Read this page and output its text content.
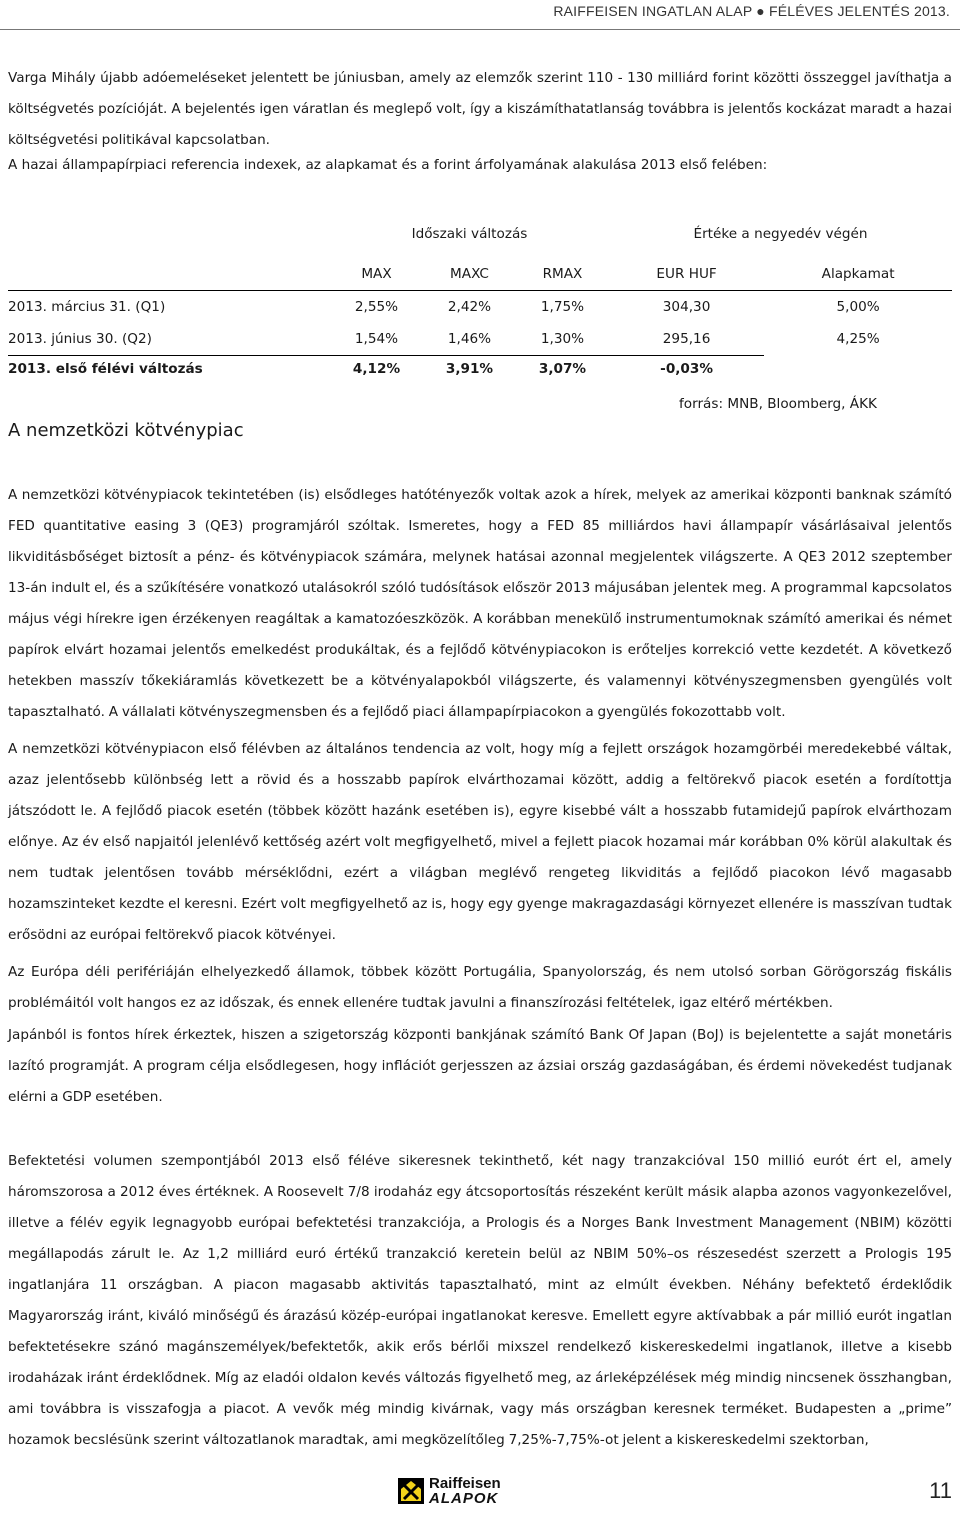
RAIFFEISEN INGATLAN ALAP ● FÉLÉVES JELENTÉS 2013.

Varga Mihály újabb adóemeléseket jelentett be júniusban, amely az elemzők szerint 110 - 130 milliárd forint közötti összeggel javíthatja a költségvetés pozícióját. A bejelentés igen váratlan és meglepő volt, így a kiszámíthatatlanság továbbra is jelentős kockázat maradt a hazai költségvetési politikával kapcsolatban.

A hazai állampapírpiaci referencia indexek, az alapkamat és a forint árfolyamának alakulása 2013 első felében:

	Időszaki változás			Értéke a negyedév végén	
	MAX	MAXC	RMAX	EUR HUF	Alapkamat
2013. március 31. (Q1)	2,55%	2,42%	1,75%	304,30	5,00%
2013. június 30. (Q2)	1,54%	1,46%	1,30%	295,16	4,25%
2013. első félévi változás	4,12%	3,91%	3,07%	-0,03%	

forrás: MNB, Bloomberg, ÁKK

A nemzetközi kötvénypiac

A nemzetközi kötvénypiacok tekintetében (is) elsődleges hatótényezők voltak azok a hírek, melyek az amerikai központi banknak számító FED quantitative easing 3 (QE3) programjáról szóltak. Ismeretes, hogy a FED 85 milliárdos havi állampapír vásárlásaival jelentős likviditásbőséget biztosít a pénz- és kötvénypiacok számára, melynek hatásai azonnal megjelentek világszerte. A QE3 2012 szeptember 13-án indult el, és a szűkítésére vonatkozó utalásokról szóló tudósítások először 2013 májusában jelentek meg. A programmal kapcsolatos május végi hírekre igen érzékenyen reagáltak a kamatozóeszközök. A korábban menekülő instrumentumoknak számító amerikai és német papírok elvárt hozamai jelentős emelkedést produkáltak, és a fejlődő kötvénypiacokon is erőteljes korrekció vette kezdetét. A következő hetekben masszív tőkekiáramlás következett be a kötvényalapokból világszerte, és valamennyi kötvényszegmensben gyengülés volt tapasztalható. A vállalati kötvényszegmensben és a fejlődő piaci állampapírpiacokon a gyengülés fokozottabb volt.

A nemzetközi kötvénypiacon első félévben az általános tendencia az volt, hogy míg a fejlett országok hozamgörbéi meredekebbé váltak, azaz jelentősebb különbség lett a rövid és a hosszabb papírok elvárthozamai között, addig a feltörekvő piacok esetén a fordítottja játszódott le. A fejlődő piacok esetén (többek között hazánk esetében is), egyre kisebbé vált a hosszabb futamidejű papírok elvárthozam előnye. Az év első napjaitól jelenlévő kettőség azért volt megfigyelhető, mivel a fejlett piacok hozamai már korábban 0% körül alakultak és nem tudtak jelentősen tovább mérséklődni, ezért a világban meglévő rengeteg likviditás a fejlődő piacokon lévő magasabb hozamszinteket kezdte el keresni. Ezért volt megfigyelhető az is, hogy egy gyenge makragazdasági környezet ellenére is masszívan tudtak erősödni az európai feltörekvő piacok kötvényei.

Az Európa déli perifériáján elhelyezkedő államok, többek között Portugália, Spanyolország, és nem utolsó sorban Görögország fiskális problémáitól volt hangos ez az időszak, és ennek ellenére tudtak javulni a finanszírozási feltételek, igaz eltérő mértékben.

Japánból is fontos hírek érkeztek, hiszen a szigetország központi bankjának számító Bank Of Japan (BoJ) is bejelentette a saját monetáris lazító programját. A program célja elsődlegesen, hogy inflációt gerjesszen az ázsiai ország gazdaságában, és érdemi növekedést tudjanak elérni a GDP esetében.

Befektetési volumen szempontjából 2013 első féléve sikeresnek tekinthető, két nagy tranzakcióval 150 millió eurót ért el, amely háromszorosa a 2012 éves értéknek. A Roosevelt 7/8 irodaház egy átcsoportosítás részeként került másik alapba azonos vagyonkezelővel, illetve a félév egyik legnagyobb európai befektetési tranzakciója, a Prologis és a Norges Bank Investment Management (NBIM) közötti megállapodás zárult le. Az 1,2 milliárd euró értékű tranzakció keretein belül az NBIM 50%–os részesedést szerzett a Prologis 195 ingatlanjára 11 országban. A piacon magasabb aktivitás tapasztalható, mint az elmúlt években. Néhány befektető érdeklődik Magyarország iránt, kiváló minőségű és árazású közép-európai ingatlanokat keresve. Emellett egyre aktívabbak a pár millió eurót ingatlan befektetésekre szánó magánszemélyek/befektetők, akik erős bérlői mixszel rendelkező kiskereskedelmi ingatlanok, illetve a kisebb irodaházak iránt érdeklődnek. Míg az eladói oldalon kevés változás figyelhető meg, az árleképzélések még mindig nincsenek összhangban, ami továbbra is visszafogja a piacot. A vevők még mindig kivárnak, vagy más országban keresnek terméket. Budapesten a „prime” hozamok becslésünk szerint változatlanok maradtak, ami megközelítőleg 7,25%-7,75%-ot jelent a kiskereskedelmi szektorban,

Raiffeisen
ALAPOK	11
